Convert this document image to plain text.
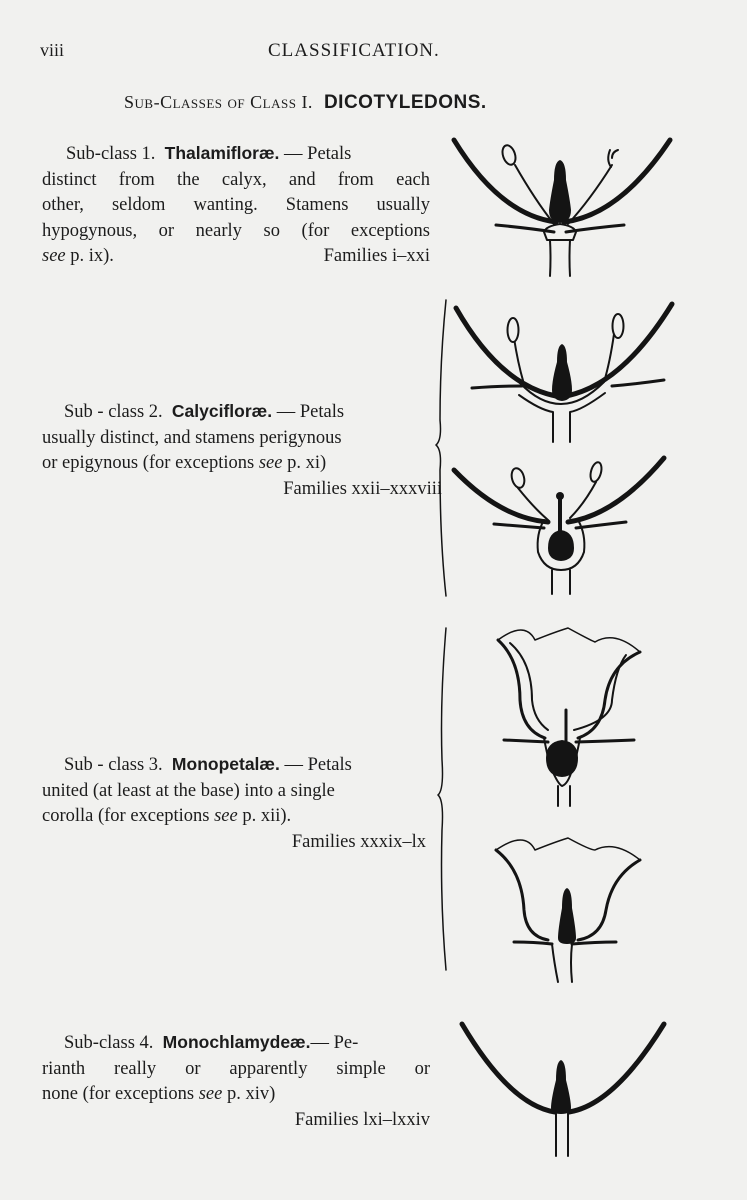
viii	CLASSIFICATION.
Sub-Classes of Class I. DICOTYLEDONS.
Sub-class 1. Thalamifloræ. — Petals
distinct from the calyx, and from each
other, seldom wanting. Stamens usually
hypogynous, or nearly so (for exceptions
see p. ix).	Families i–xxi
Sub - class 2. Calycifloræ. — Petals
usually distinct, and stamens perigynous
or epigynous (for exceptions see p. xi)
Families xxii–xxxviii
Sub - class 3. Monopetalæ. — Petals
united (at least at the base) into a single
corolla (for exceptions see p. xii).
Families xxxix–lx
Sub-class 4. Monochlamydeæ.— Pe-
rianth really or apparently simple or
none (for exceptions see p. xiv)
Families lxi–lxxiv
